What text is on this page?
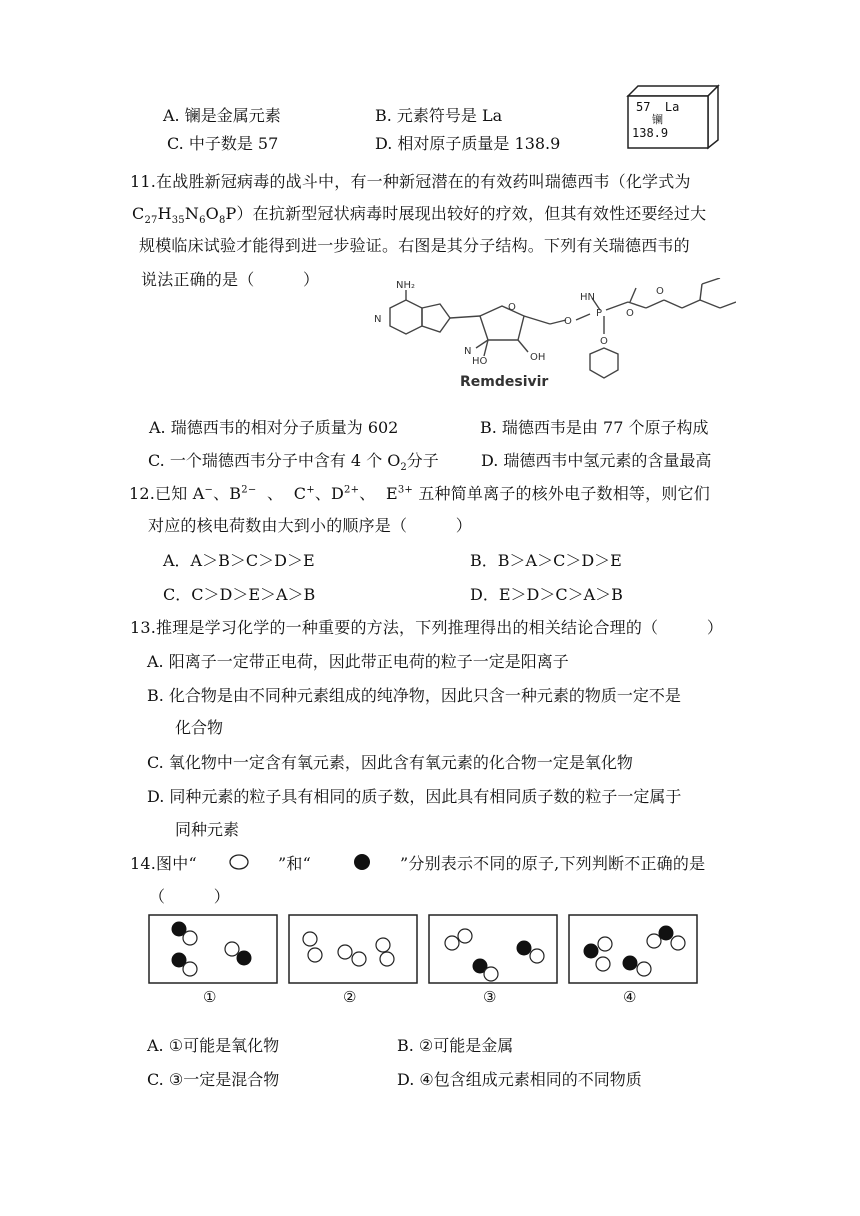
A. 镧是金属元素	B. 元素符号是 La
C. 中子数是 57	D. 相对原子质量是 138.9
57 La
镧
138.9
11.在战胜新冠病毒的战斗中，有一种新冠潜在的有效药叫瑞德西韦（化学式为
$C_{27}H_{35}N_6O_8P$）在抗新型冠状病毒时展现出较好的疗效，但其有效性还要经过大
规模临床试验才能得到进一步验证。右图是其分子结构。下列有关瑞德西韦的
说法正确的是（　　　）	NH₂
N
N
HO	OH
O
O
HN
P
O
O
O
Remdesivir
A. 瑞德西韦的相对分子质量为 602	B. 瑞德西韦是由 77 个原子构成
C. 一个瑞德西韦分子中含有 4 个 $O_2$分子	D. 瑞德西韦中氢元素的含量最高
12.已知 A−、$B^{2-}$  、  C+、$D^{2+}$、  $E^{3+}$ 五种简单离子的核外电子数相等，则它们
对应的核电荷数由大到小的顺序是（　　　）
A．A＞B＞C＞D＞E	B．B＞A＞C＞D＞E
C．C＞D＞E＞A＞B	D．E＞D＞C＞A＞B
13.推理是学习化学的一种重要的方法，下列推理得出的相关结论合理的（　　　）
A. 阳离子一定带正电荷，因此带正电荷的粒子一定是阳离子
B. 化合物是由不同种元素组成的纯净物，因此只含一种元素的物质一定不是
化合物
C. 氧化物中一定含有氧元素，因此含有氧元素的化合物一定是氧化物
D. 同种元素的粒子具有相同的质子数，因此具有相同质子数的粒子一定属于
同种元素
14.图中“	”和“	”分别表示不同的原子,下列判断不正确的是
（　　　）
①	②	③	④
A. ①可能是氧化物	B. ②可能是金属
C. ③一定是混合物	D. ④包含组成元素相同的不同物质
